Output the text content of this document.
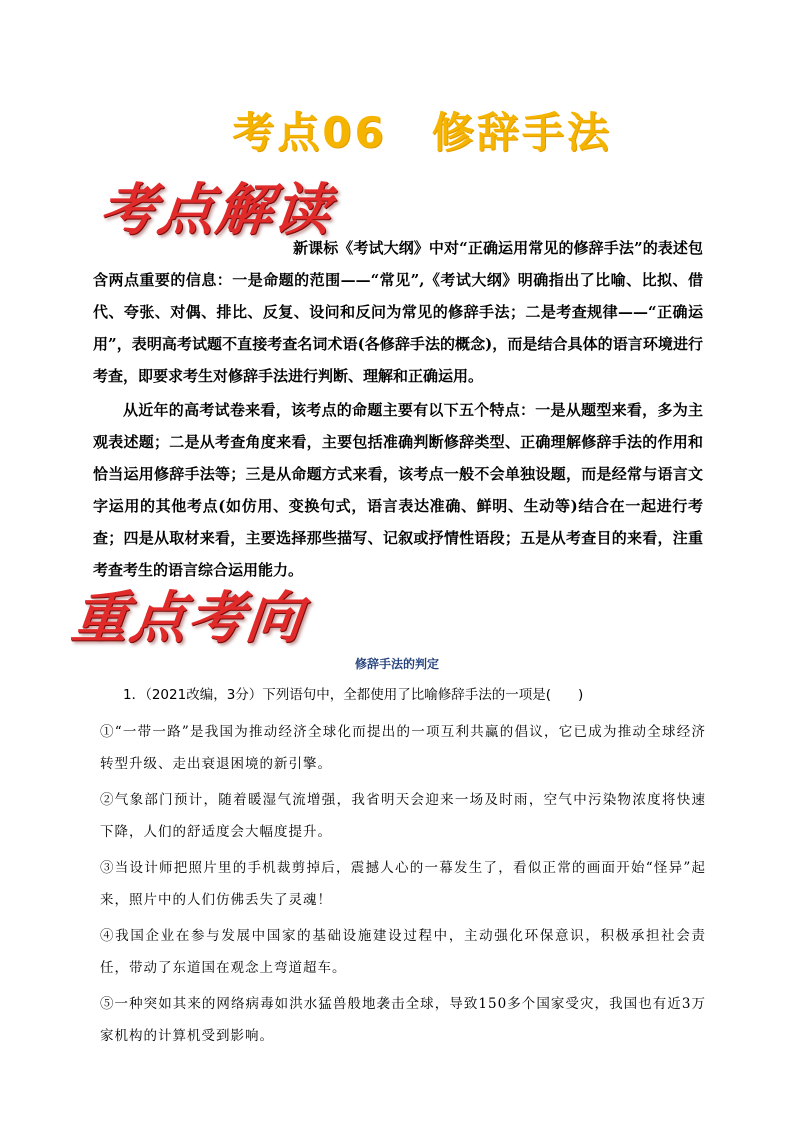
考点06　修辞手法
考点解读

新课标《考试大纲》中对“正确运用常见的修辞手法”的表述包含两点重要的信息：一是命题的范围——“常见”,《考试大纲》明确指出了比喻、比拟、借代、夸张、对偶、排比、反复、设问和反问为常见的修辞手法；二是考查规律——“正确运用”，表明高考试题不直接考查名词术语(各修辞手法的概念)，而是结合具体的语言环境进行考查，即要求考生对修辞手法进行判断、理解和正确运用。

从近年的高考试卷来看，该考点的命题主要有以下五个特点：一是从题型来看，多为主观表述题；二是从考查角度来看，主要包括准确判断修辞类型、正确理解修辞手法的作用和恰当运用修辞手法等；三是从命题方式来看，该考点一般不会单独设题，而是经常与语言文字运用的其他考点(如仿用、变换句式，语言表达准确、鲜明、生动等)结合在一起进行考查；四是从取材来看，主要选择那些描写、记叙或抒情性语段；五是从考查目的来看，注重考查考生的语言综合运用能力。

重点考向
修辞手法的判定

1．（2021改编，3分）下列语句中，全都使用了比喻修辞手法的一项是(　　)

①“一带一路”是我国为推动经济全球化而提出的一项互利共赢的倡议，它已成为推动全球经济转型升级、走出衰退困境的新引擎。

②气象部门预计，随着暖湿气流增强，我省明天会迎来一场及时雨，空气中污染物浓度将快速下降，人们的舒适度会大幅度提升。

③当设计师把照片里的手机裁剪掉后，震撼人心的一幕发生了，看似正常的画面开始“怪异”起来，照片中的人们仿佛丢失了灵魂！

④我国企业在参与发展中国家的基础设施建设过程中，主动强化环保意识，积极承担社会责任，带动了东道国在观念上弯道超车。

⑤一种突如其来的网络病毒如洪水猛兽般地袭击全球，导致150多个国家受灾，我国也有近3万家机构的计算机受到影响。
